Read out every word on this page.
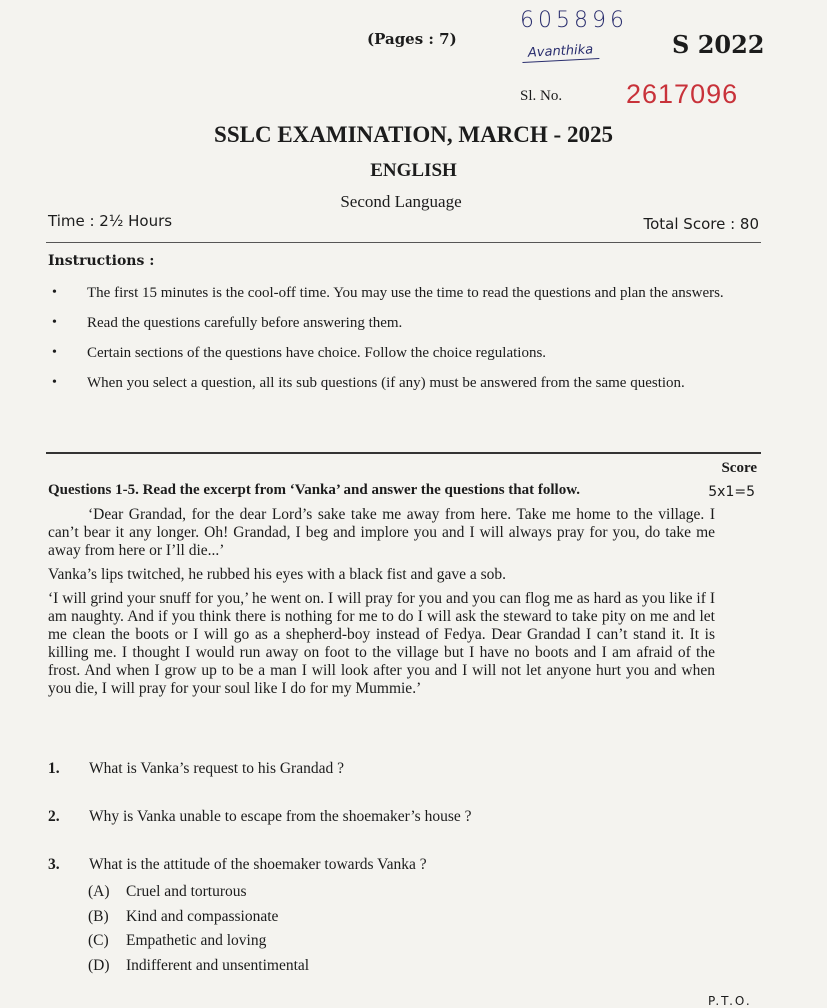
(Pages : 7)
605896
Avanthika	S 2022
Sl. No. 2617096
SSLC EXAMINATION, MARCH - 2025
ENGLISH
Second Language
Time : 2½ Hours	Total Score : 80
Instructions :
• The first 15 minutes is the cool-off time. You may use the time to read the questions and plan the answers.
• Read the questions carefully before answering them.
• Certain sections of the questions have choice. Follow the choice regulations.
• When you select a question, all its sub questions (if any) must be answered from the same question.
Score
Questions 1-5. Read the excerpt from ‘Vanka’ and answer the questions that follow.	5x1=5

‘Dear Grandad, for the dear Lord’s sake take me away from here. Take me home to the village. I can’t bear it any longer. Oh! Grandad, I beg and implore you and I will always pray for you, do take me away from here or I’ll die...’

Vanka’s lips twitched, he rubbed his eyes with a black fist and gave a sob.

‘I will grind your snuff for you,’ he went on. I will pray for you and you can flog me as hard as you like if I am naughty. And if you think there is nothing for me to do I will ask the steward to take pity on me and let me clean the boots or I will go as a shepherd-boy instead of Fedya. Dear Grandad I can’t stand it. It is killing me. I thought I would run away on foot to the village but I have no boots and I am afraid of the frost. And when I grow up to be a man I will look after you and I will not let anyone hurt you and when you die, I will pray for your soul like I do for my Mummie.’

1. What is Vanka’s request to his Grandad ?
2. Why is Vanka unable to escape from the shoemaker’s house ?
3. What is the attitude of the shoemaker towards Vanka ?
(A) Cruel and torturous
(B) Kind and compassionate
(C) Empathetic and loving
(D) Indifferent and unsentimental
P.T.O.
